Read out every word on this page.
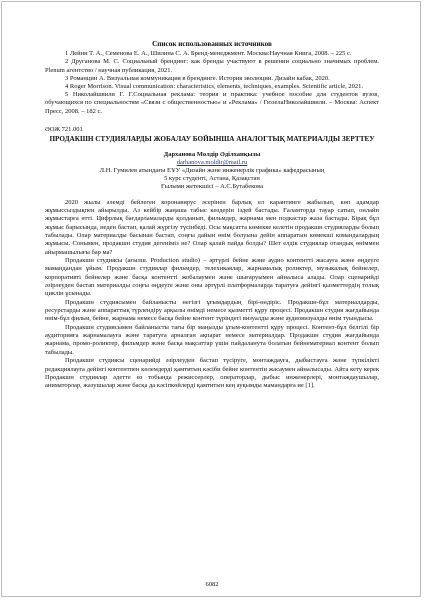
Список использованных источников

1 Лейни Т. А., Семенова Е. А., Шилина С. А. Бренд-менеджмент. Москва:Научная Книга, 2008. – 225 с.

2 Друганова М. С. Социальный брендинг: как бренды участвуют в решении социально значимых проблем. Plenum агентство / научная публикация, 2021.

3 Романцин А. Визуальная коммуникация в брендинге. История эволюции. Дизайн кабак, 2020.

4 Roger Morrison. Visual communication: characteristics, elements, techniques, examples. Scientific article, 2021.

5 Николайшвили Г. Г.Социальная реклама: теория и практика: учебное пособие для студентов вузов, обучающихся по специальностям «Связи с общественностью» и «Реклама» / ГюзелаНиколайшвили. – Москва: Аспект Пресс, 2008. – 182 с.

ӘОЖ 721.001

ПРОДАКШН СТУДИЯЛАРДЫ ЖОБАЛАУ БОЙЫНША АНАЛОГТЫҚ МАТЕРИАЛДЫ ЗЕРТТЕУ

Дарханова Мөлдір Әділханқызы

darhanova.moldir@mail.ru

Л.Н. Гумилев атындағы ЕҰУ «Дизайн және инженерлік графика» кафедрасының

5 курс студенті, Астана, Қазақстан

Ғылыми жетекшісі – А.С.Бутабекова

2020 жылы әлемді бейлеген коронавирус әсерінен барлық ел карантинге жабылып, көп адамдар жұмыссыздықпен айырылды. Аз кейбір жаңаша табыс көздерін іздей бастады. Ғаламторда тауар сатып, онлайн жұмыстарға өтті. Цифрлық бағдарламаларды қолданып, фильмдер, жарнама мен подкастар жаза бастады. Бірақ бұл жұмыс барысында, неден бастап, қалай жүргізу түсінбеді. Осы мақсатта көмекке келетін продакшн студияларды болып табылады. Олар материалды басынан бастап, соңғы дайын өнім болуына дейін аппаратын көмекші командалардың жұмысы. Сонымен, продакшн студия дегеніміз не? Олар қалай пайда болды? Шет елдік студиялар отандық өніммен айырмашылығы бар ма?

Продакшн студиясы (ағылш. Production studio) – әртүрлі бейне және аудио контентті жасауға және өңдеуге мамандандан ұйым. Продакшн студиялар фильмдер, телехикаялар, жарнамалық роликтер, музыкалық бейнелер, корпоративті бейнелер және басқа контентті жобалаумен және шығаруымен айналыса алады. Олар сценарийді әзірлеуден бастап материалды соңғы өңдеуге және оны әртүрлі платформаларда таратуға дейінгі қызметтердің толық циклін ұсынады.

Продакшн студиясымен байланысты негізгі ұғымдардың бірі-өндіріс. Продакшн-бұл материалдарды, ресурстарды және аппараттық түрлендіру арқылы өнімді немесе қызметті құру процесі. Продакшн студия жағдайында өнім-бұл фильм, бейне, жарнама немесе басқа бейне контент түріндегі визуалды және аудиовизуалды өнім туындысы.

Продакшн студиясымен байланысты тағы бір маңызды ұғым-контентті құру процесі. Контент-бұл белгілі бір аудиторияға жарнамалауға және таратуға арналған ақпарат немесе материалдар. Продакшн студия жағдайында жарнама, промо-роликтер, фильмдер және басқа мақсаттар үшін пайдаланута болатын бейнематериал контент болып табылады.

Продакшн студиясы сценарийді әзірлеуден бастап түсіруге, монтаждауға, дыбыстауға және түпкілікті редакциялауға дейінгі контентпен көлемдерді қамтитын кәсіби бейне контентін жасаумен айналысады. Айта кету керек Продакшн студиялар әдетте өз тобында режиссерлер, операторлар, дыбыс инженерлері, монтаждаушылар, аниматорлар, жазушылар және басқа да кәсіпкөйлерді қамтитын кең ауқымды мамандарға ие [1].

6082
